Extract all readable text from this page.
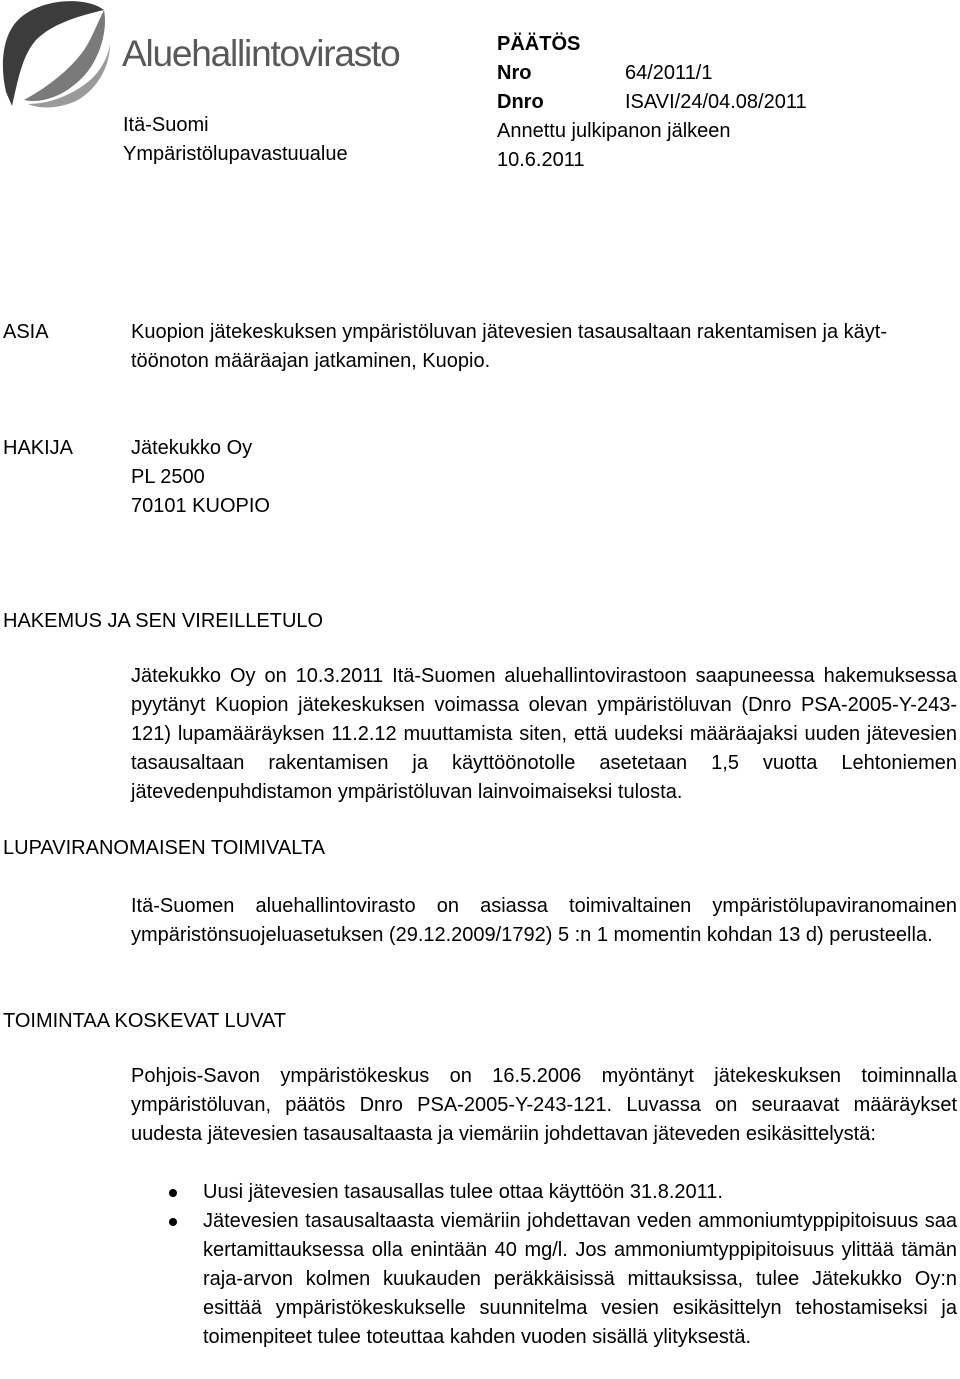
Aluehallintovirasto
Itä-Suomi
Ympäristölupavastuualue
PÄÄTÖS
Nro	64/2011/1
Dnro	ISAVI/24/04.08/2011
Annettu julkipanon jälkeen
10.6.2011
ASIA	Kuopion jätekeskuksen ympäristöluvan jätevesien tasausaltaan rakentamisen ja käyt-
töönoton määräajan jatkaminen, Kuopio.
HAKIJA	Jätekukko Oy
PL 2500
70101 KUOPIO
HAKEMUS JA SEN VIREILLETULO
Jätekukko Oy on 10.3.2011 Itä-Suomen aluehallintovirastoon saapuneessa hakemuksessa pyytänyt Kuopion jätekeskuksen voimassa olevan ympäristöluvan (Dnro PSA-2005-Y-243-121) lupamääräyksen 11.2.12 muuttamista siten, että uudeksi määräajaksi uuden jätevesien tasausaltaan rakentamisen ja käyttöönotolle asetetaan 1,5 vuotta Lehtoniemen jätevedenpuhdistamon ympäristöluvan lainvoimaiseksi tulosta.
LUPAVIRANOMAISEN TOIMIVALTA
Itä-Suomen aluehallintovirasto on asiassa toimivaltainen ympäristölupaviranomainen ympäristönsuojeluasetuksen (29.12.2009/1792) 5 :n 1 momentin kohdan 13 d) perusteella.
TOIMINTAA KOSKEVAT LUVAT
Pohjois-Savon ympäristökeskus on 16.5.2006 myöntänyt jätekeskuksen toiminnalla ympäristöluvan, päätös Dnro PSA-2005-Y-243-121. Luvassa on seuraavat määräykset uudesta jätevesien tasausaltaasta ja viemäriin johdettavan jäteveden esikäsittelystä:
Uusi jätevesien tasausallas tulee ottaa käyttöön 31.8.2011.
Jätevesien tasausaltaasta viemäriin johdettavan veden ammoniumtyppipitoisuus saa kertamittauksessa olla enintään 40 mg/l. Jos ammoniumtyppipitoisuus ylittää tämän raja-arvon kolmen kuukauden peräkkäisissä mittauksissa, tulee Jätekukko Oy:n esittää ympäristökeskukselle suunnitelma vesien esikäsittelyn tehostamiseksi ja toimenpiteet tulee toteuttaa kahden vuoden sisällä ylityksestä.
